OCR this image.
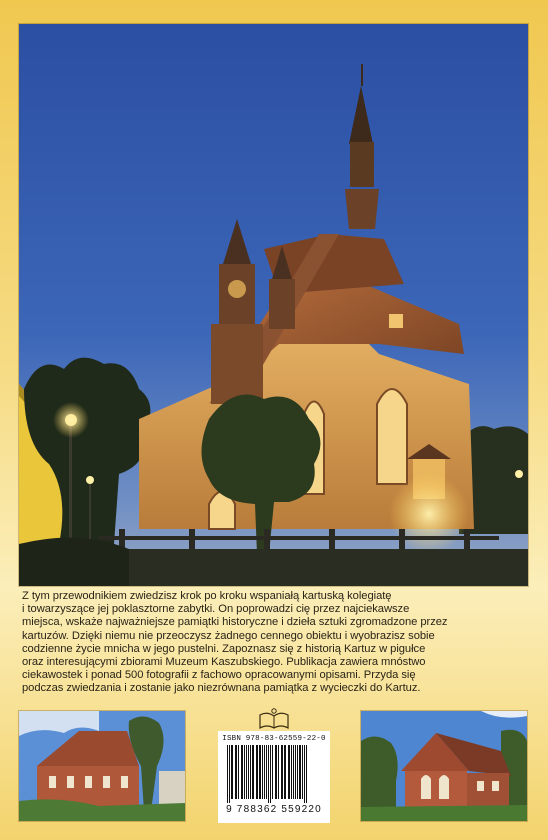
Z tym przewodnikiem zwiedzisz krok po kroku wspaniałą kartuską kolegiatę

i towarzyszące jej poklasztorne zabytki. On poprowadzi cię przez najciekawsze

miejsca, wskaże najważniejsze pamiątki historyczne i dzieła sztuki zgromadzone przez

kartuzów. Dzięki niemu nie przeoczysz żadnego cennego obiektu i wyobrazisz sobie

codzienne życie mnicha w jego pustelni. Zapoznasz się z historią Kartuz w pigułce

oraz interesującymi zbiorami Muzeum Kaszubskiego. Publikacja zawiera mnóstwo

ciekawostek i ponad 500 fotografii z fachowo opracowanymi opisami. Przyda się

podczas zwiedzania i zostanie jako niezrównana pamiątka z wycieczki do Kartuz.

ISBN 978-83-62559-22-0
9 788362 559220
